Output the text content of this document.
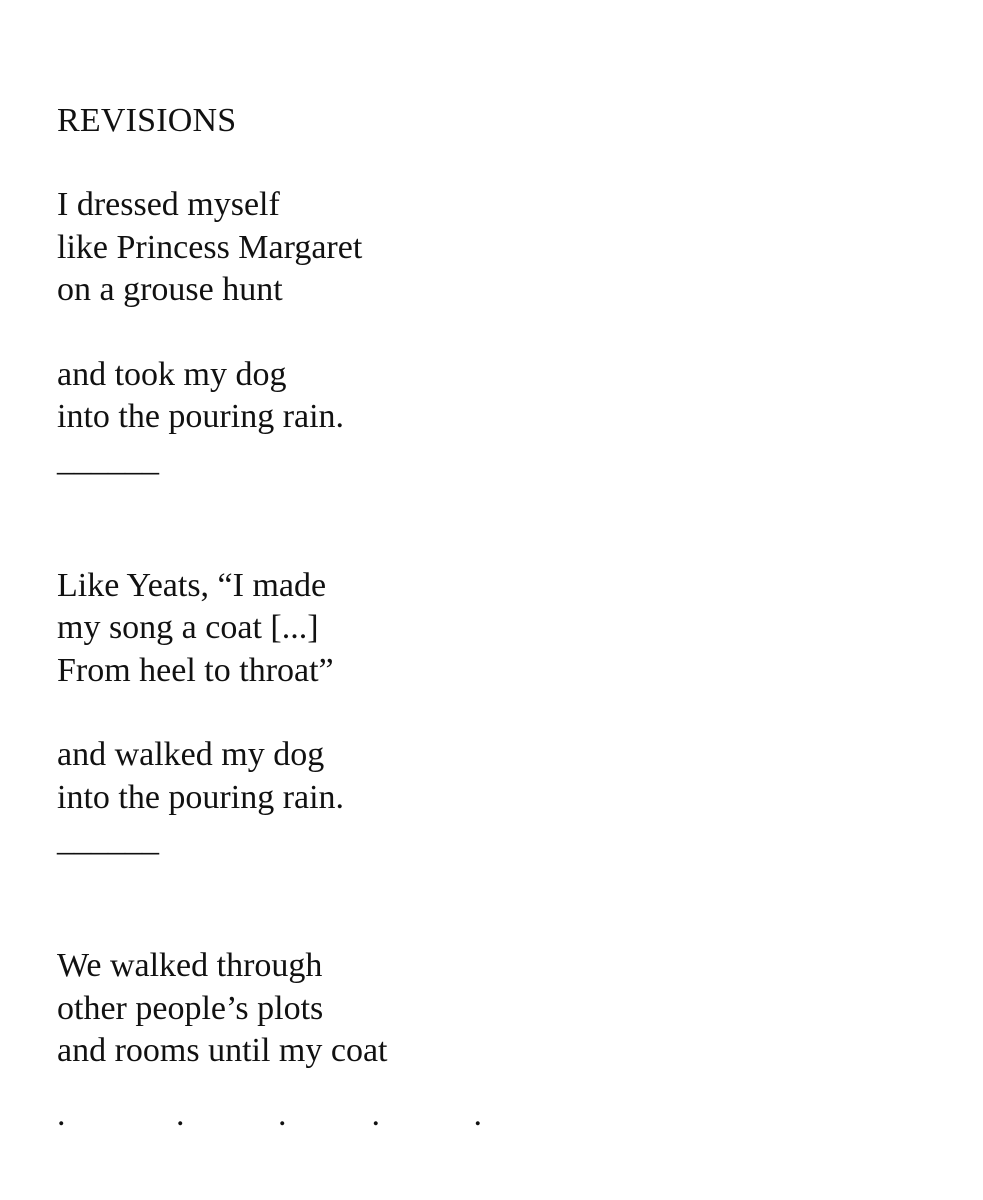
REVISIONS
I dressed myself
like Princess Margaret
on a grouse hunt
and took my dog
into the pouring rain.
______
Like Yeats, “I made
my song a coat [...]
From heel to throat”
and walked my dog
into the pouring rain.
______
We walked through
other people’s plots
and rooms until my coat
.             .           .          .           .
